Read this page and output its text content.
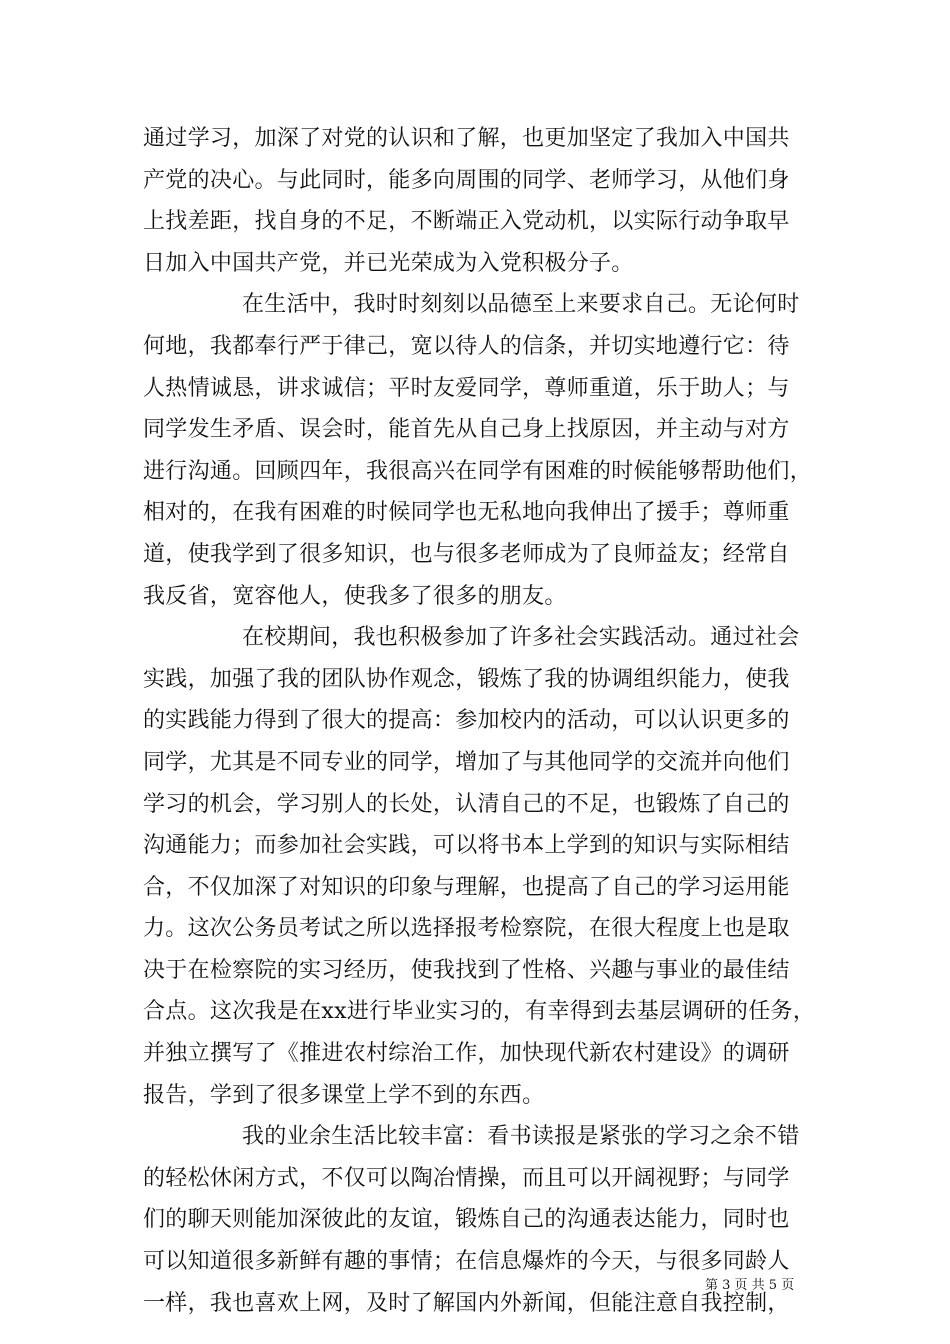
通过学习，加深了对党的认识和了解，也更加坚定了我加入中国共
产党的决心。与此同时，能多向周围的同学、老师学习，从他们身
上找差距，找自身的不足，不断端正入党动机，以实际行动争取早
日加入中国共产党，并已光荣成为入党积极分子。
在生活中，我时时刻刻以品德至上来要求自己。无论何时
何地，我都奉行严于律己，宽以待人的信条，并切实地遵行它：待
人热情诚恳，讲求诚信；平时友爱同学，尊师重道，乐于助人；与
同学发生矛盾、误会时，能首先从自己身上找原因，并主动与对方
进行沟通。回顾四年，我很高兴在同学有困难的时候能够帮助他们，
相对的，在我有困难的时候同学也无私地向我伸出了援手；尊师重
道，使我学到了很多知识，也与很多老师成为了良师益友；经常自
我反省，宽容他人，使我多了很多的朋友。
在校期间，我也积极参加了许多社会实践活动。通过社会
实践，加强了我的团队协作观念，锻炼了我的协调组织能力，使我
的实践能力得到了很大的提高：参加校内的活动，可以认识更多的
同学，尤其是不同专业的同学，增加了与其他同学的交流并向他们
学习的机会，学习别人的长处，认清自己的不足，也锻炼了自己的
沟通能力；而参加社会实践，可以将书本上学到的知识与实际相结
合，不仅加深了对知识的印象与理解，也提高了自己的学习运用能
力。这次公务员考试之所以选择报考检察院，在很大程度上也是取
决于在检察院的实习经历，使我找到了性格、兴趣与事业的最佳结
合点。这次我是在xx进行毕业实习的，有幸得到去基层调研的任务，
并独立撰写了《推进农村综治工作，加快现代新农村建设》的调研
报告，学到了很多课堂上学不到的东西。
我的业余生活比较丰富：看书读报是紧张的学习之余不错
的轻松休闲方式，不仅可以陶冶情操，而且可以开阔视野；与同学
们的聊天则能加深彼此的友谊，锻炼自己的沟通表达能力，同时也
可以知道很多新鲜有趣的事情；在信息爆炸的今天，与很多同龄人
一样，我也喜欢上网，及时了解国内外新闻，但能注意自我控制，
第 3 页 共 5 页
